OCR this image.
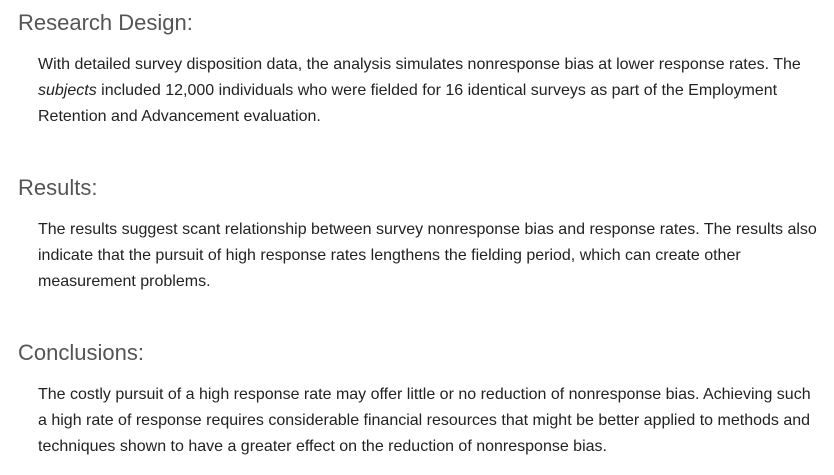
Research Design:

With detailed survey disposition data, the analysis simulates nonresponse bias at lower response rates. The subjects included 12,000 individuals who were fielded for 16 identical surveys as part of the Employment Retention and Advancement evaluation.

Results:

The results suggest scant relationship between survey nonresponse bias and response rates. The results also indicate that the pursuit of high response rates lengthens the fielding period, which can create other measurement problems.

Conclusions:

The costly pursuit of a high response rate may offer little or no reduction of nonresponse bias. Achieving such a high rate of response requires considerable financial resources that might be better applied to methods and techniques shown to have a greater effect on the reduction of nonresponse bias.
